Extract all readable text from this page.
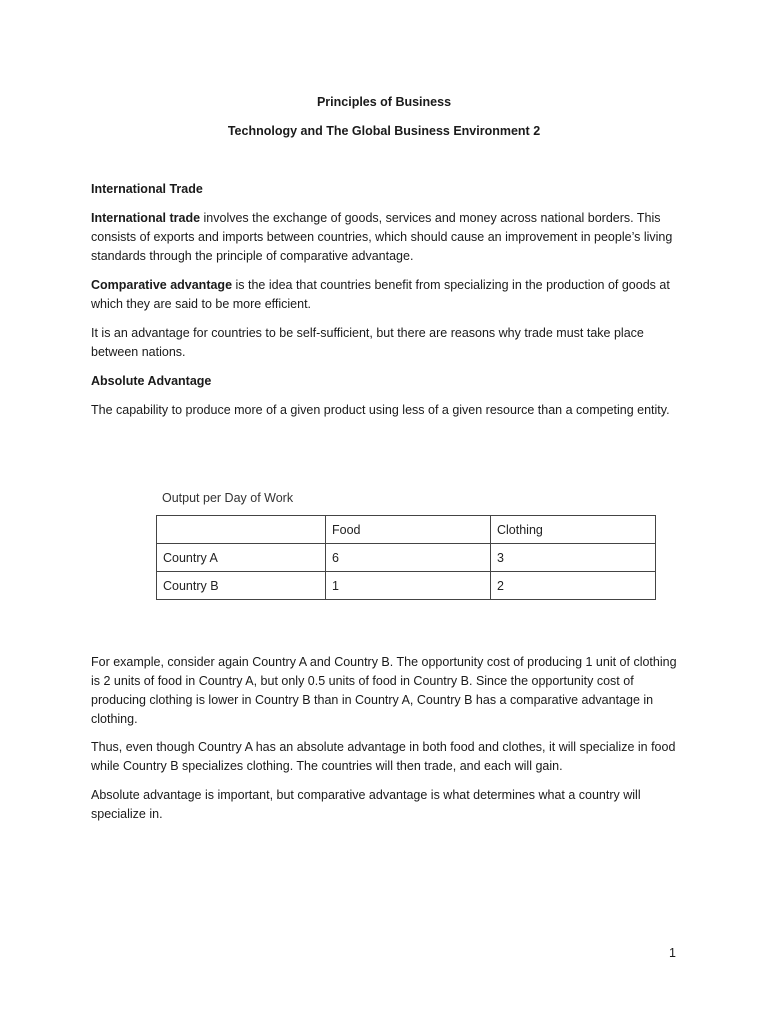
Principles of Business
Technology and The Global Business Environment 2
International Trade
International trade involves the exchange of goods, services and money across national borders. This consists of exports and imports between countries, which should cause an improvement in people’s living standards through the principle of comparative advantage.
Comparative advantage is the idea that countries benefit from specializing in the production of goods at which they are said to be more efficient.
It is an advantage for countries to be self-sufficient, but there are reasons why trade must take place between nations.
Absolute Advantage
The capability to produce more of a given product using less of a given resource than a competing entity.
Output per Day of Work
	Food	Clothing
Country A	6	3
Country B	1	2
For example, consider again Country A and Country B. The opportunity cost of producing 1 unit of clothing is 2 units of food in Country A, but only 0.5 units of food in Country B. Since the opportunity cost of producing clothing is lower in Country B than in Country A, Country B has a comparative advantage in clothing.
Thus, even though Country A has an absolute advantage in both food and clothes, it will specialize in food while Country B specializes clothing. The countries will then trade, and each will gain.
Absolute advantage is important, but comparative advantage is what determines what a country will specialize in.
1
